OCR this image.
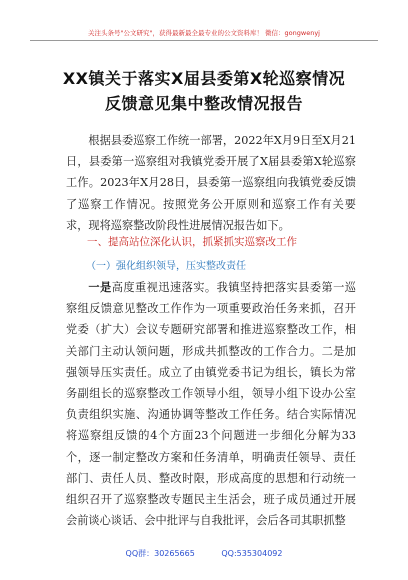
关注头条号"公文研究"，获得最新最全最专业的公文资料库！ 微信：gongwenyj
XX镇关于落实X届县委第X轮巡察情况
反馈意见集中整改情况报告
根据县委巡察工作统一部署，2022年X月9日至X月21日，县委第一巡察组对我镇党委开展了X届县委第X轮巡察工作。2023年X月28日，县委第一巡察组向我镇党委反馈了巡察工作情况。按照党务公开原则和巡察工作有关要求，现将巡察整改阶段性进展情况报告如下。
一、提高站位深化认识，抓紧抓实巡察改工作
（一）强化组织领导，压实整改责任
一是高度重视迅速落实。我镇坚持把落实县委第一巡察组反馈意见整改工作作为一项重要政治任务来抓，召开党委（扩大）会议专题研究部署和推进巡察整改工作，相关部门主动认领问题，形成共抓整改的工作合力。二是加强领导压实责任。成立了由镇党委书记为组长，镇长为常务副组长的巡察整改工作领导小组，领导小组下设办公室负责组织实施、沟通协调等整改工作任务。结合实际情况将巡察组反馈的4个方面23个问题进一步细化分解为33个，逐一制定整改方案和任务清单，明确责任领导、责任部门、责任人员、整改时限，形成高度的思想和行动统一组织召开了巡察整改专题民主生活会，班子成员通过开展会前谈心谈话、会中批评与自我批评，会后各司其职抓整
QQ群：30265665	QQ:535304092
